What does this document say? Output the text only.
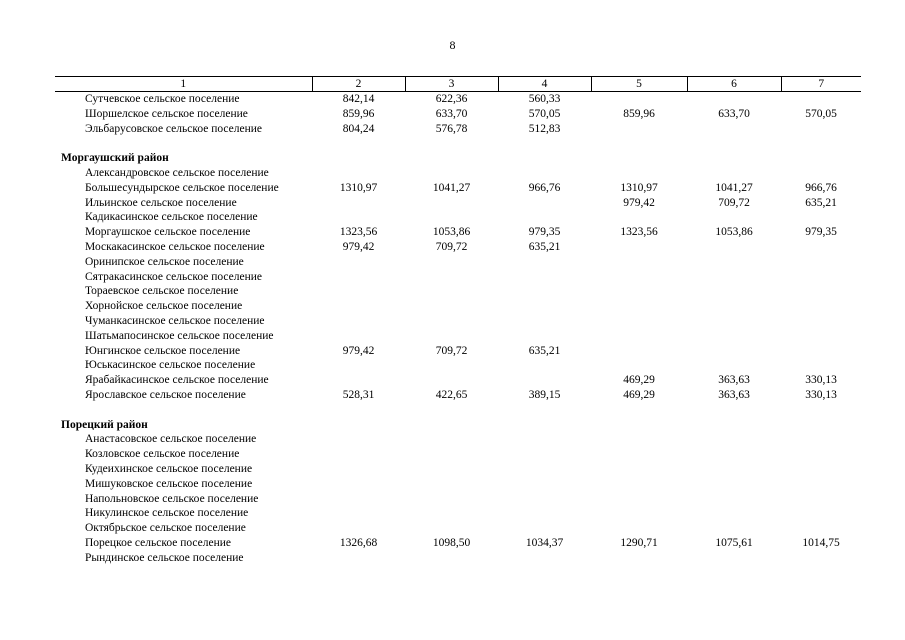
8
1	2	3	4	5	6	7
Сутчевское сельское поселение	842,14	622,36	560,33			
Шоршелское сельское поселение	859,96	633,70	570,05	859,96	633,70	570,05
Эльбарусовское сельское поселение	804,24	576,78	512,83			

Моргаушский район						
Александровское сельское поселение						
Большесундырское сельское поселение	1310,97	1041,27	966,76	1310,97	1041,27	966,76
Ильинское сельское поселение				979,42	709,72	635,21
Кадикасинское сельское поселение						
Моргаушское сельское поселение	1323,56	1053,86	979,35	1323,56	1053,86	979,35
Москакасинское сельское поселение	979,42	709,72	635,21			
Оринипское сельское поселение						
Сятракасинское сельское поселение						
Тораевское сельское поселение						
Хорнойское сельское поселение						
Чуманкасинское сельское поселение						
Шатьмапосинское сельское поселение						
Юнгинское сельское поселение	979,42	709,72	635,21			
Юськасинское сельское поселение						
Ярабайкасинское сельское поселение				469,29	363,63	330,13
Ярославское сельское поселение	528,31	422,65	389,15	469,29	363,63	330,13

Порецкий район						
Анастасовское сельское поселение						
Козловское сельское поселение						
Кудеихинское сельское поселение						
Мишуковское сельское поселение						
Напольновское сельское поселение						
Никулинское сельское поселение						
Октябрьское сельское поселение						
Порецкое сельское поселение	1326,68	1098,50	1034,37	1290,71	1075,61	1014,75
Рындинское сельское поселение						
